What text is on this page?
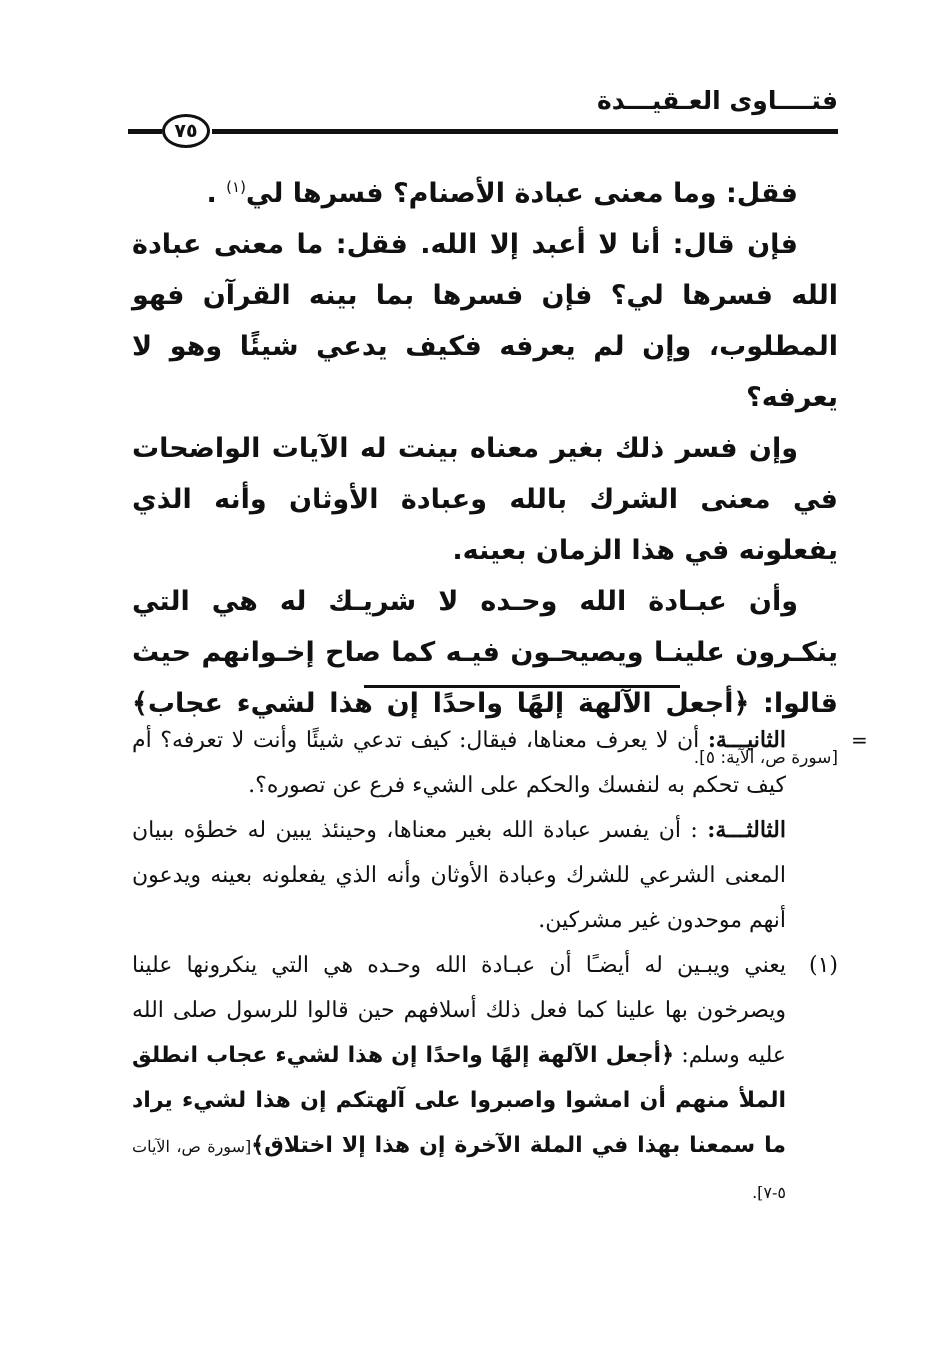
فتــــاوى العـقيـــدة
٧٥

فقل: وما معنى عبادة الأصنام؟ فسرها لي$^{(١)}$ .

فإن قال: أنا لا أعبد إلا الله. فقل: ما معنى عبادة الله فسرها لي؟ فإن فسرها بما بينه القرآن فهو المطلوب، وإن لم يعرفه فكيف يدعي شيئًا وهو لا يعرفه؟

وإن فسر ذلك بغير معناه بينت له الآيات الواضحات في معنى الشرك بالله وعبادة الأوثان وأنه الذي يفعلونه في هذا الزمان بعينه.

وأن عبـادة الله وحـده لا شريـك له هي التي ينكـرون علينـا ويصيحـون فيـه كما صاح إخـوانهم حيث قالوا: ﴿أجعل الآلهة إلهًا واحدًا إن هذا لشيء عجاب﴾ [سورة ص، الآية: ٥].

=

الثانيـــة: أن لا يعرف معناها، فيقال: كيف تدعي شيئًا وأنت لا تعرفه؟ أم كيف تحكم به لنفسك والحكم على الشيء فرع عن تصوره؟.

الثالثـــة: : أن يفسر عبادة الله بغير معناها، وحينئذ يبين له خطؤه ببيان المعنى الشرعي للشرك وعبادة الأوثان وأنه الذي يفعلونه بعينه ويدعون أنهم موحدون غير مشركين.

(١)
يعني ويبـين له أيضـًا أن عبـادة الله وحـده هي التي ينكرونها علينا ويصرخون بها علينا كما فعل ذلك أسلافهم حين قالوا للرسول صلى الله عليه وسلم: ﴿أجعل الآلهة إلهًا واحدًا إن هذا لشيء عجاب انطلق الملأ منهم أن امشوا واصبروا على آلهتكم إن هذا لشيء يراد ما سمعنا بهذا في الملة الآخرة إن هذا إلا اختلاق﴾[سورة ص، الآيات ٥-٧].
